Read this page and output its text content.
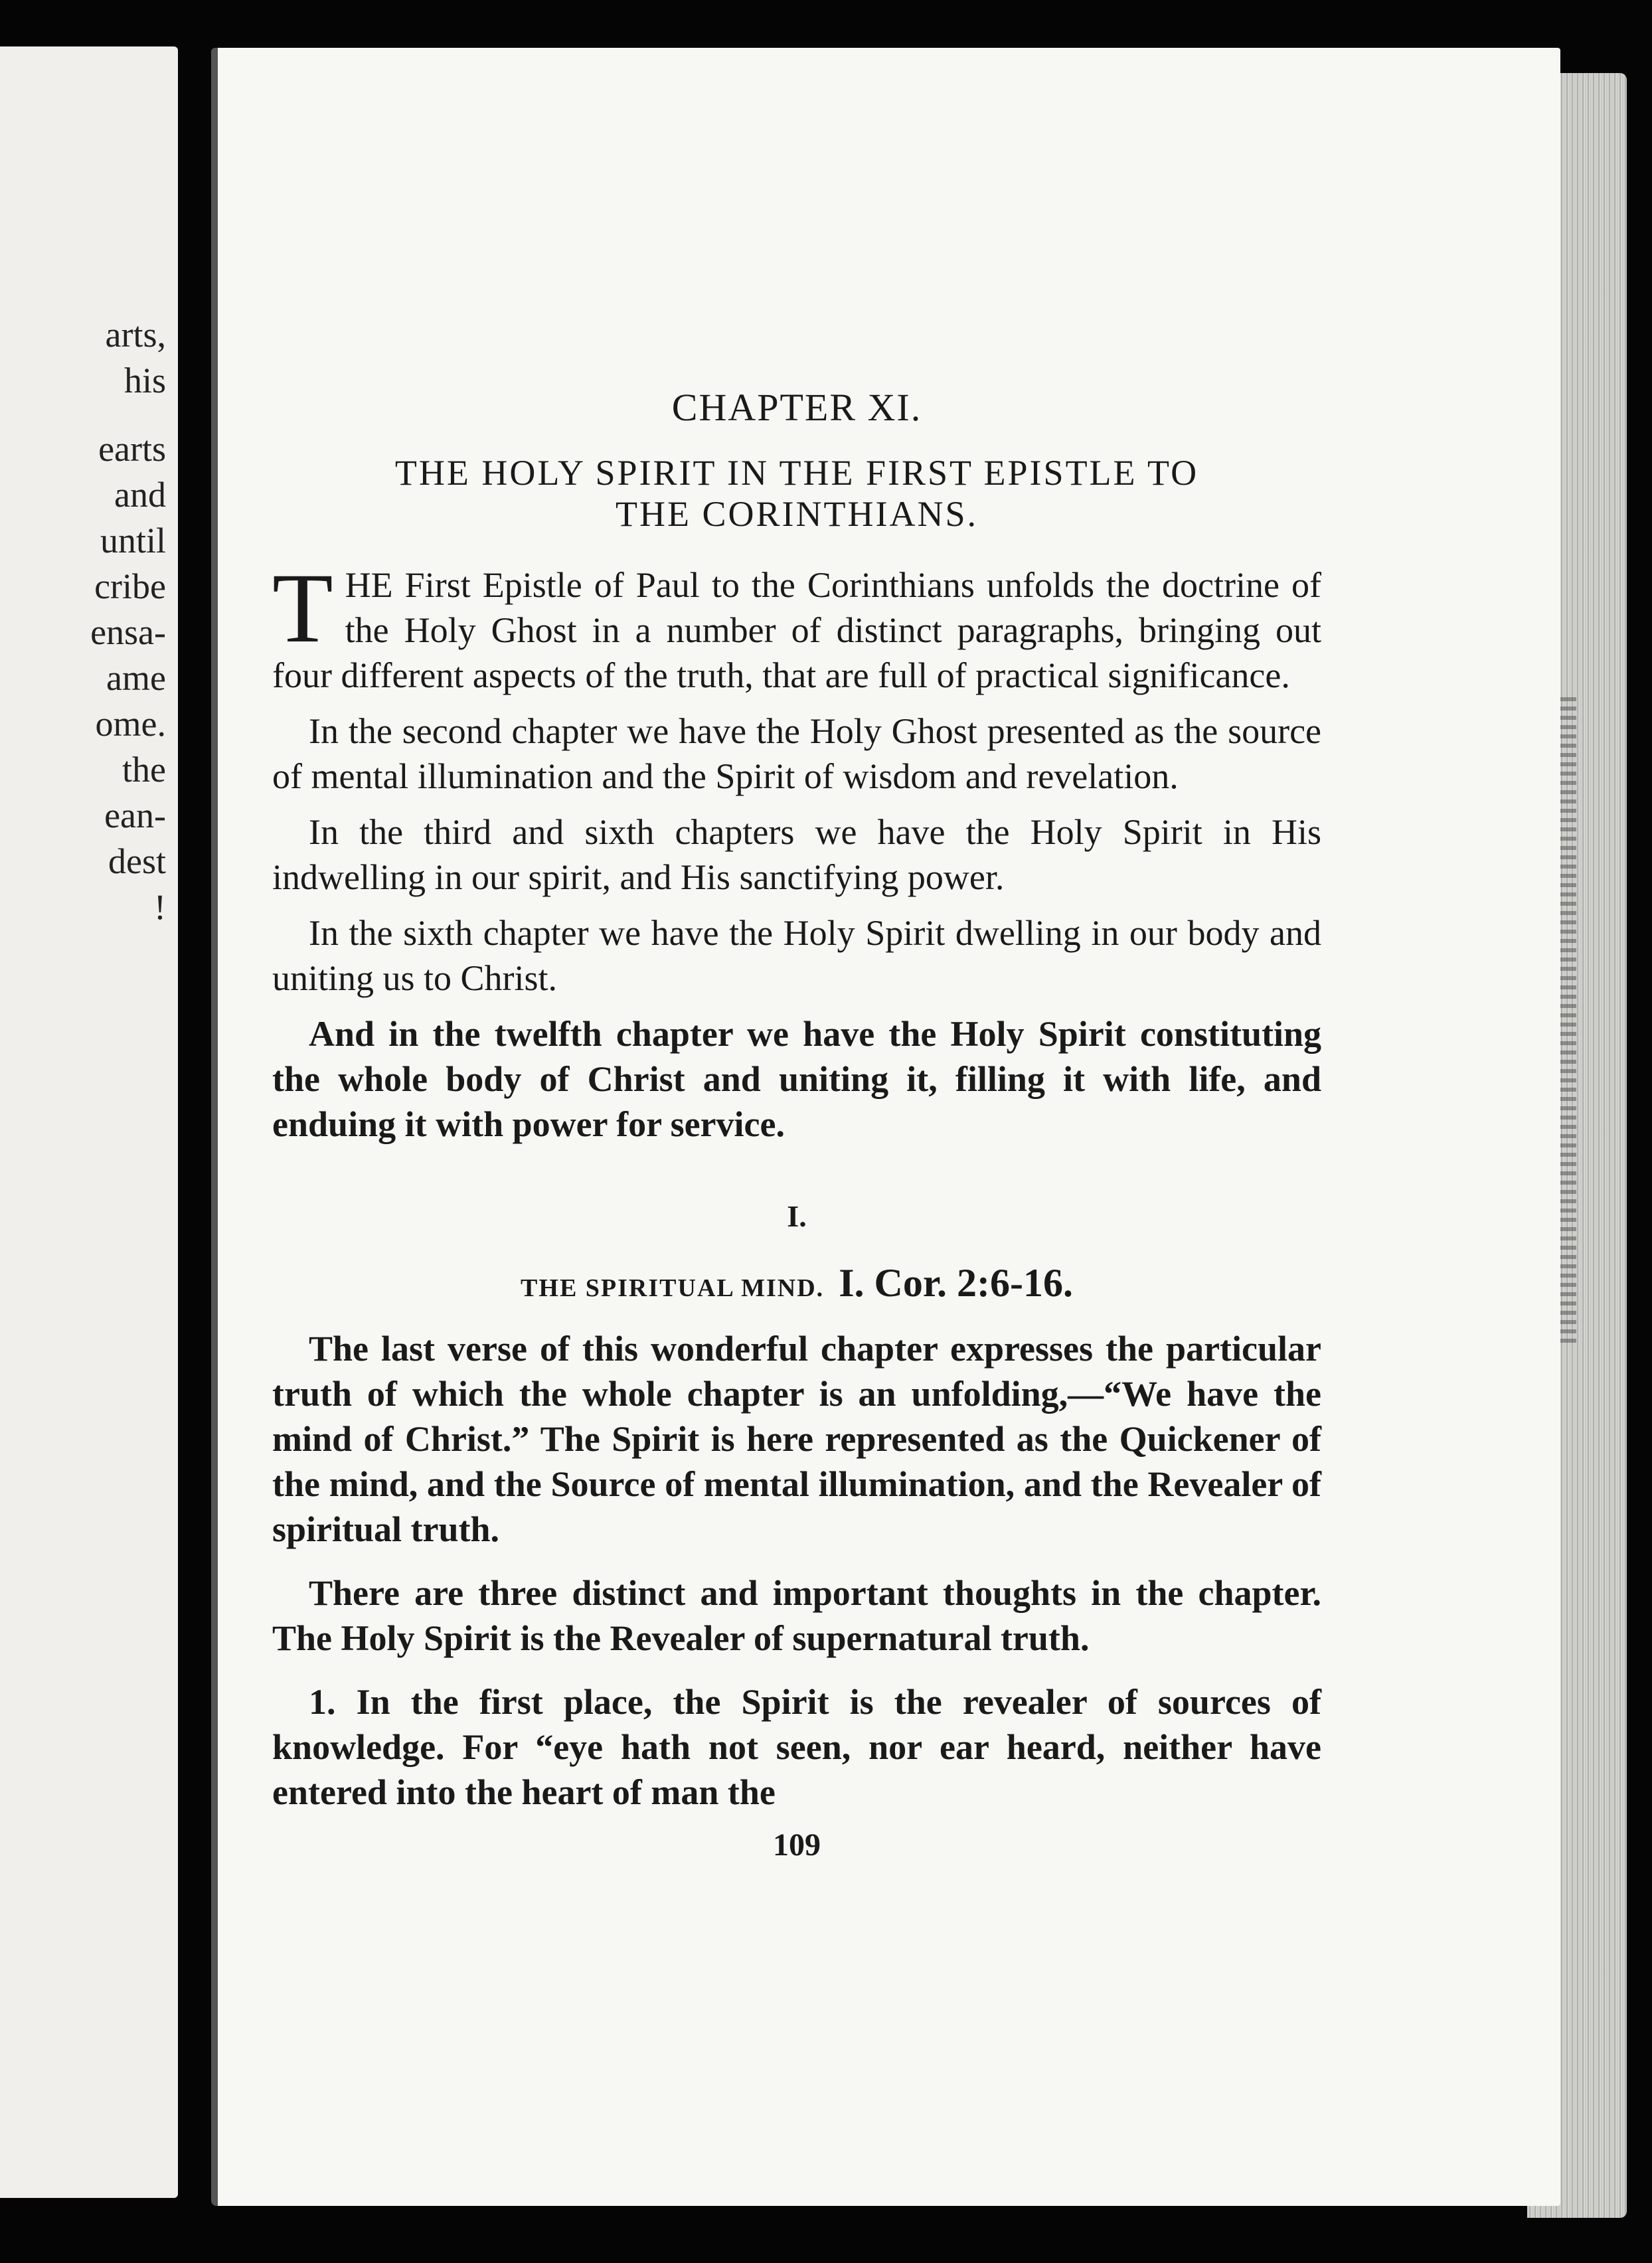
arts,
his
earts
and
until
cribe
ensa-
ame
ome.
the
ean-
dest
!
CHAPTER XI.
THE HOLY SPIRIT IN THE FIRST EPISTLE TO
THE CORINTHIANS.

THE First Epistle of Paul to the Corinthians unfolds the doctrine of the Holy Ghost in a number of distinct paragraphs, bringing out four different aspects of the truth, that are full of practical significance.

In the second chapter we have the Holy Ghost presented as the source of mental illumination and the Spirit of wisdom and revelation.

In the third and sixth chapters we have the Holy Spirit in His indwelling in our spirit, and His sanctifying power.

In the sixth chapter we have the Holy Spirit dwelling in our body and uniting us to Christ.

And in the twelfth chapter we have the Holy Spirit constituting the whole body of Christ and uniting it, filling it with life, and enduing it with power for service.

I.
THE SPIRITUAL MIND. I. Cor. 2:6-16.

The last verse of this wonderful chapter expresses the particular truth of which the whole chapter is an unfolding,—“We have the mind of Christ.” The Spirit is here represented as the Quickener of the mind, and the Source of mental illumination, and the Revealer of spiritual truth.

There are three distinct and important thoughts in the chapter. The Holy Spirit is the Revealer of supernatural truth.

1. In the first place, the Spirit is the revealer of sources of knowledge. For “eye hath not seen, nor ear heard, neither have entered into the heart of man the

109
